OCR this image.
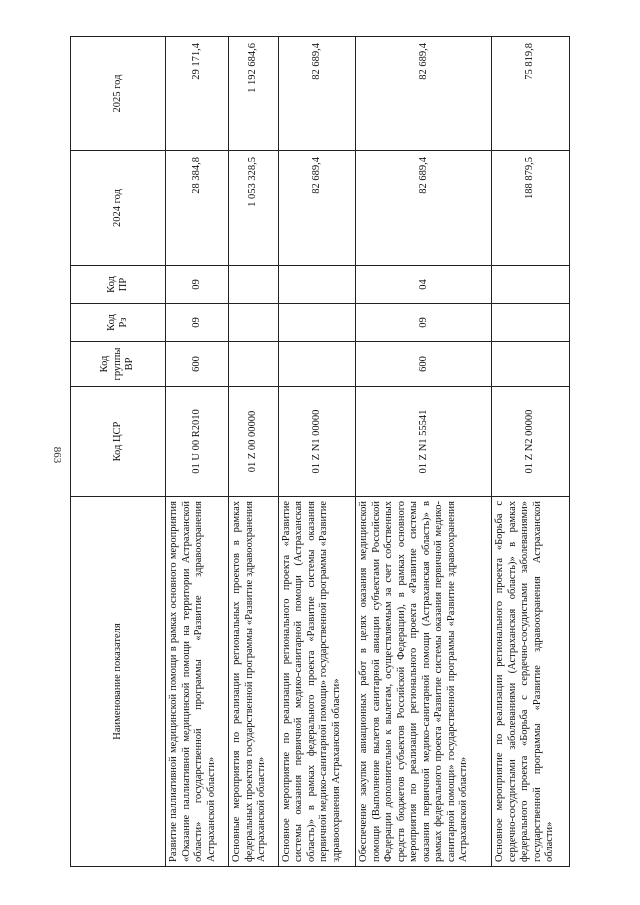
863
Наименование показателя	Код ЦСР	Код группы ВР	Код Рз	Код ПР	2024 год	2025 год
Развитие паллиативной медицинской помощи в рамках основного мероприятия «Оказание паллиативной медицинской помощи на территории Астраханской области» государственной программы «Развитие здравоохранения Астраханской области»	01 U 00 R2010	600	09	09	28 384,8	29 171,4
Основные мероприятия по реализации региональных проектов в рамках федеральных проектов государственной программы «Развитие здравоохранения Астраханской области»	01 Z 00 00000				1 053 328,5	1 192 684,6
Основное мероприятие по реализации регионального проекта «Развитие системы оказания первичной медико-санитарной помощи (Астраханская область)» в рамках федерального проекта «Развитие системы оказания первичной медико-санитарной помощи» государственной программы «Развитие здравоохранения Астраханской области»	01 Z N1 00000				82 689,4	82 689,4
Обеспечение закупки авиационных работ в целях оказания медицинской помощи (Выполнение вылетов санитарной авиации субъектами Российской Федерации дополнительно к вылетам, осуществляемым за счет собственных средств бюджетов субъектов Российской Федерации), в рамках основного мероприятия по реализации регионального проекта «Развитие системы оказания первичной медико-санитарной помощи (Астраханская область)» в рамках федерального проекта «Развитие системы оказания первичной медико-санитарной помощи» государственной программы «Развитие здравоохранения Астраханской области»	01 Z N1 55541	600	09	04	82 689,4	82 689,4
Основное мероприятие по реализации регионального проекта «Борьба с сердечно-сосудистыми заболеваниями (Астраханская область)» в рамках федерального проекта «Борьба с сердечно-сосудистыми заболеваниями» государственной программы «Развитие здравоохранения Астраханской области»	01 Z N2 00000				188 879,5	75 819,8
